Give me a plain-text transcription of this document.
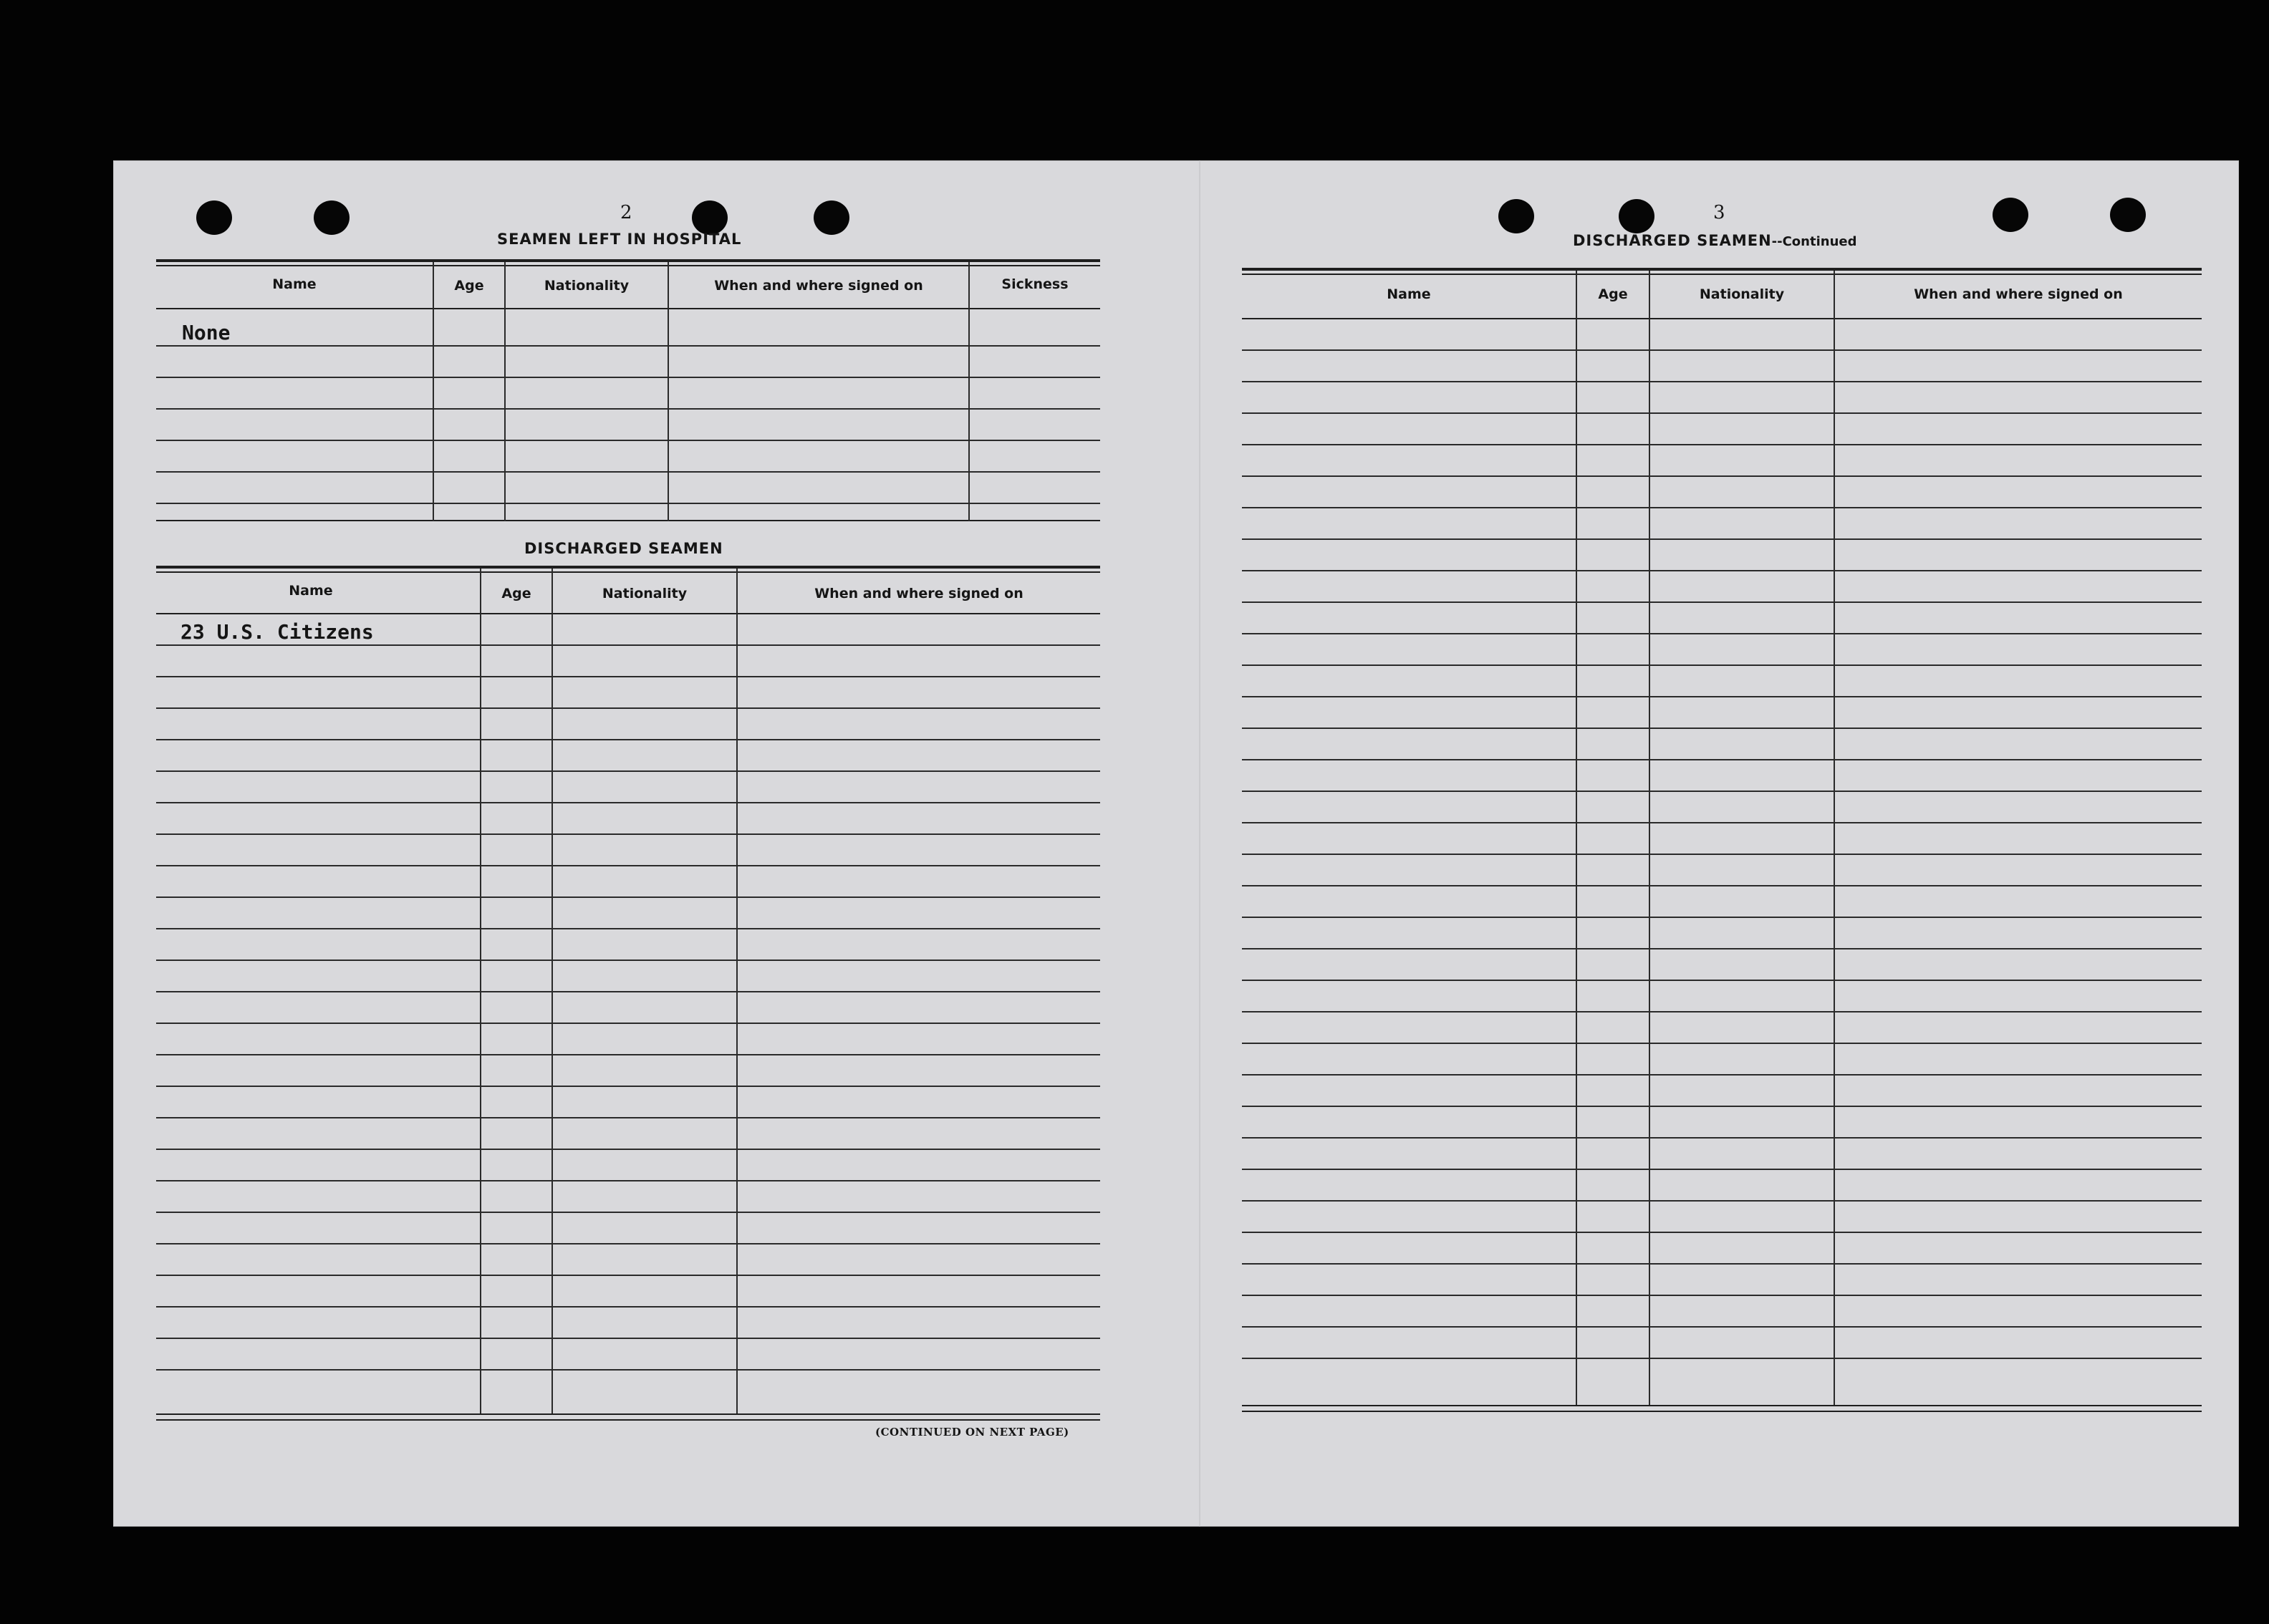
2
SEAMEN LEFT IN HOSPITAL
Name	Age	Nationality	When and where signed on	Sickness
None
DISCHARGED SEAMEN
Name	Age	Nationality	When and where signed on
23 U.S. Citizens
(CONTINUED ON NEXT PAGE)
3
DISCHARGED SEAMEN--Continued
Name	Age	Nationality	When and where signed on
